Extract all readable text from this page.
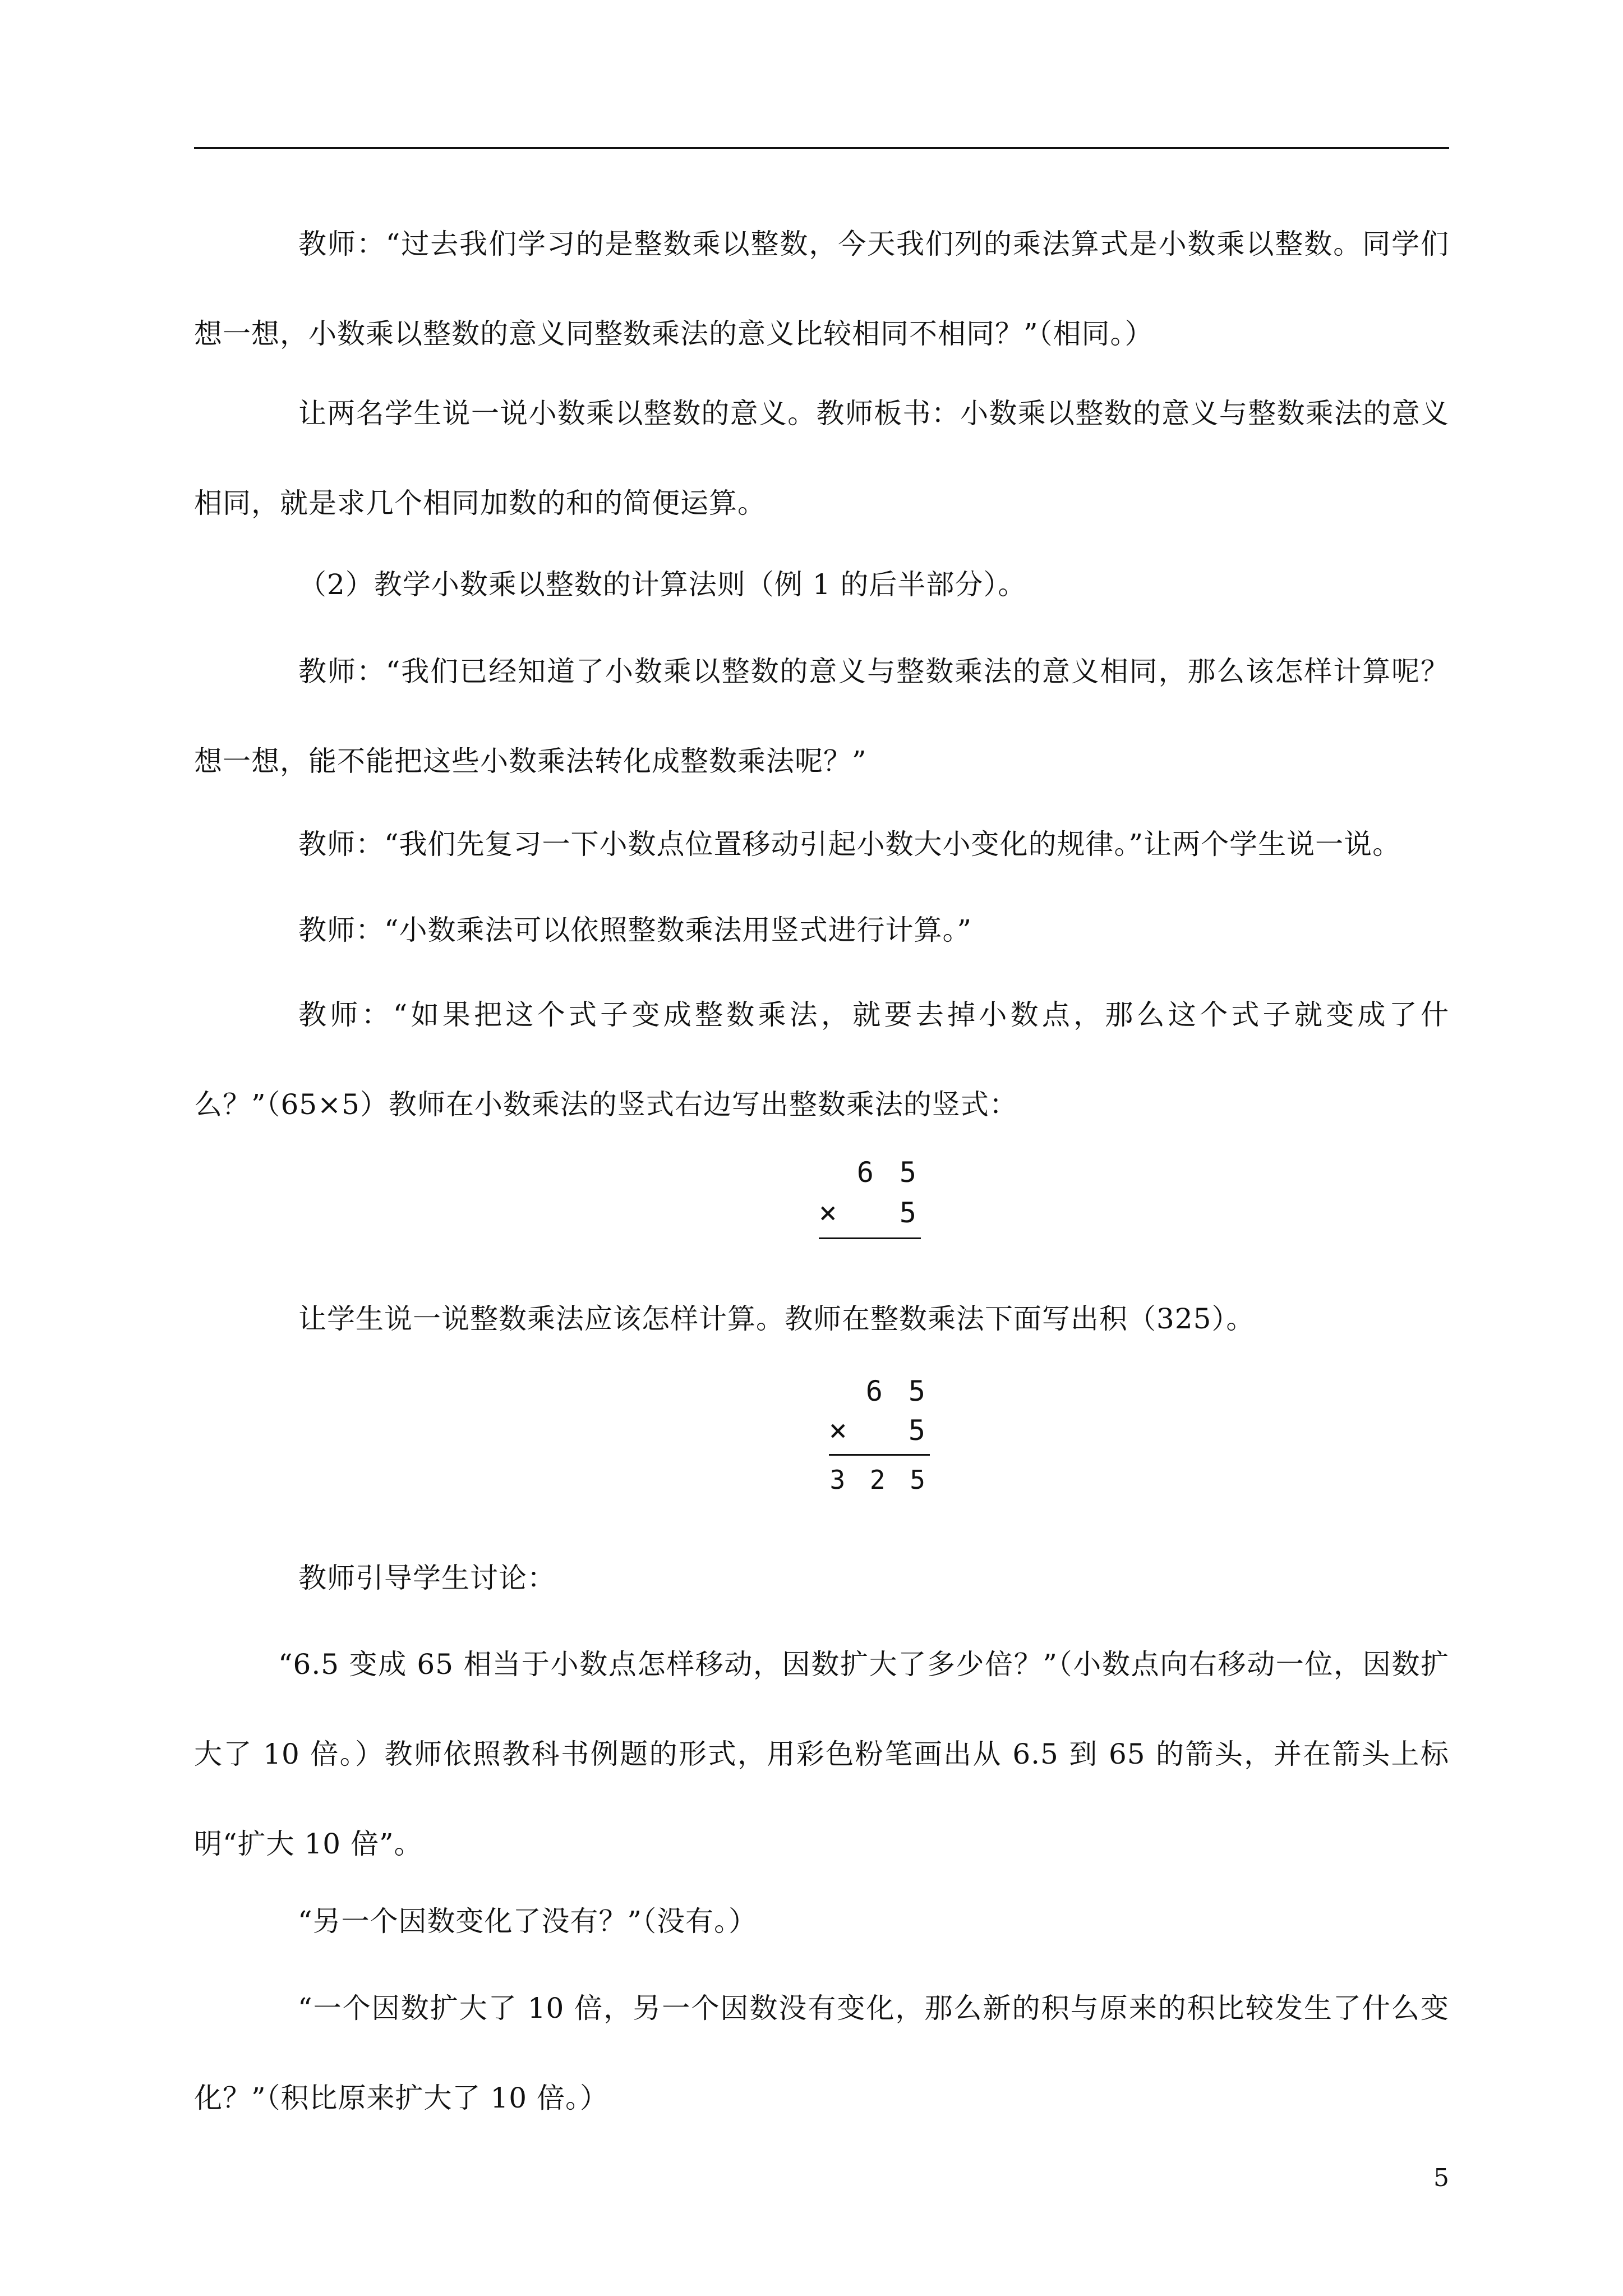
教师：“过去我们学习的是整数乘以整数，今天我们列的乘法算式是小数乘以整数。同学们想一想，小数乘以整数的意义同整数乘法的意义比较相同不相同？”（相同。）

让两名学生说一说小数乘以整数的意义。教师板书：小数乘以整数的意义与整数乘法的意义相同，就是求几个相同加数的和的简便运算。

（2）教学小数乘以整数的计算法则（例 1 的后半部分）。

教师：“我们已经知道了小数乘以整数的意义与整数乘法的意义相同，那么该怎样计算呢？想一想，能不能把这些小数乘法转化成整数乘法呢？”

教师：“我们先复习一下小数点位置移动引起小数大小变化的规律。”让两个学生说一说。

教师：“小数乘法可以依照整数乘法用竖式进行计算。”

教师：“如果把这个式子变成整数乘法，就要去掉小数点，那么这个式子就变成了什么？”（65×5）教师在小数乘法的竖式右边写出整数乘法的竖式：

6 5
× 5

让学生说一说整数乘法应该怎样计算。教师在整数乘法下面写出积（325）。

6 5
× 5
3 2 5

教师引导学生讨论：

“6.5 变成 65 相当于小数点怎样移动，因数扩大了多少倍？”（小数点向右移动一位，因数扩大了 10 倍。）教师依照教科书例题的形式，用彩色粉笔画出从 6.5 到 65 的箭头，并在箭头上标明“扩大 10 倍”。

“另一个因数变化了没有？”（没有。）

“一个因数扩大了 10 倍，另一个因数没有变化，那么新的积与原来的积比较发生了什么变化？”（积比原来扩大了 10 倍。）

5
